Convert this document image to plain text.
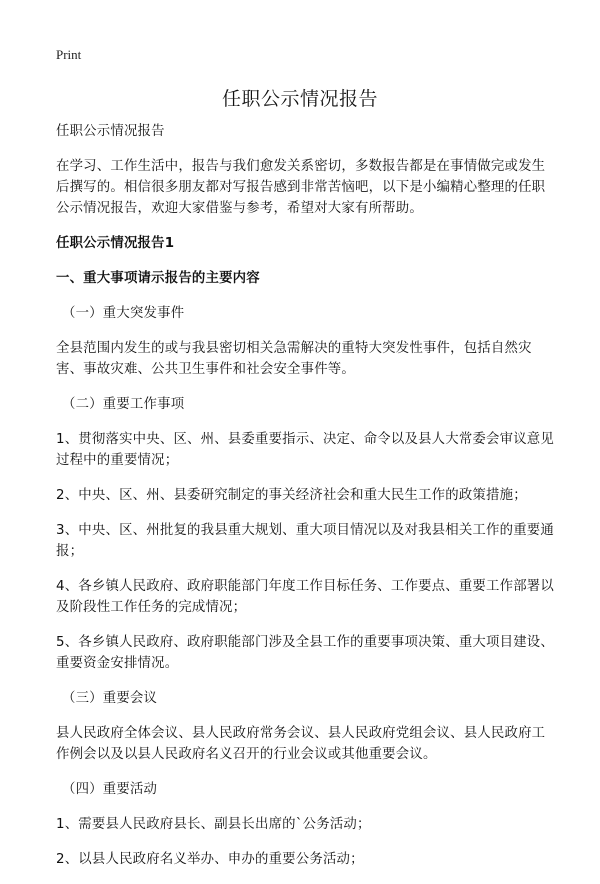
Print
任职公示情况报告

任职公示情况报告

在学习、工作生活中，报告与我们愈发关系密切，多数报告都是在事情做完或发生后撰写的。相信很多朋友都对写报告感到非常苦恼吧，以下是小编精心整理的任职公示情况报告，欢迎大家借鉴与参考，希望对大家有所帮助。

任职公示情况报告1

一、重大事项请示报告的主要内容

（一）重大突发事件

全县范围内发生的或与我县密切相关急需解决的重特大突发性事件，包括自然灾害、事故灾难、公共卫生事件和社会安全事件等。

（二）重要工作事项

1、贯彻落实中央、区、州、县委重要指示、决定、命令以及县人大常委会审议意见过程中的重要情况；

2、中央、区、州、县委研究制定的事关经济社会和重大民生工作的政策措施；

3、中央、区、州批复的我县重大规划、重大项目情况以及对我县相关工作的重要通报；

4、各乡镇人民政府、政府职能部门年度工作目标任务、工作要点、重要工作部署以及阶段性工作任务的完成情况；

5、各乡镇人民政府、政府职能部门涉及全县工作的重要事项决策、重大项目建设、重要资金安排情况。

（三）重要会议

县人民政府全体会议、县人民政府常务会议、县人民政府党组会议、县人民政府工作例会以及以县人民政府名义召开的行业会议或其他重要会议。

（四）重要活动

1、需要县人民政府县长、副县长出席的`公务活动；

2、以县人民政府名义举办、申办的重要公务活动；
